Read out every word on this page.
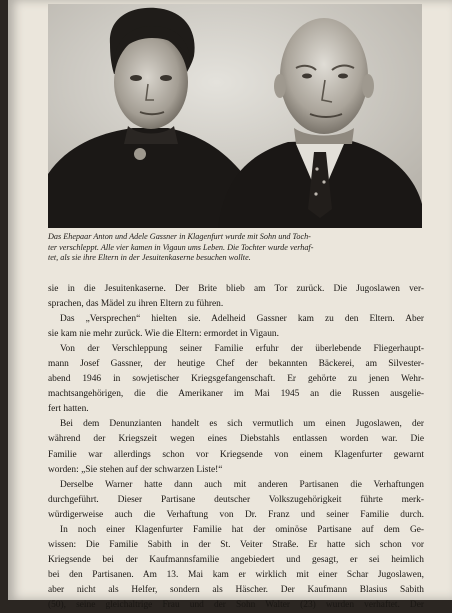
Das Ehepaar Anton und Adele Gassner in Klagenfurt wurde mit Sohn und Toch-
ter verschleppt. Alle vier kamen in Vigaun ums Leben. Die Tochter wurde verhaf-
tet, als sie ihre Eltern in der Jesuitenkaserne besuchen wollte.
sie in die Jesuitenkaserne. Der Brite blieb am Tor zurück. Die Jugoslawen ver-
sprachen, das Mädel zu ihren Eltern zu führen.
Das „Versprechen“ hielten sie. Adelheid Gassner kam zu den Eltern. Aber
sie kam nie mehr zurück. Wie die Eltern: ermordet in Vigaun.
Von der Verschleppung seiner Familie erfuhr der überlebende Fliegerhaupt-
mann Josef Gassner, der heutige Chef der bekannten Bäckerei, am Silvester-
abend 1946 in sowjetischer Kriegsgefangenschaft. Er gehörte zu jenen Wehr-
machtsangehörigen, die die Amerikaner im Mai 1945 an die Russen ausgelie-
fert hatten.
Bei dem Denunzianten handelt es sich vermutlich um einen Jugoslawen, der
während der Kriegszeit wegen eines Diebstahls entlassen worden war. Die
Familie war allerdings schon vor Kriegsende von einem Klagenfurter gewarnt
worden: „Sie stehen auf der schwarzen Liste!“
Derselbe Warner hatte dann auch mit anderen Partisanen die Verhaftungen
durchgeführt. Dieser Partisane deutscher Volkszugehörigkeit führte merk-
würdigerweise auch die Verhaftung von Dr. Franz und seiner Familie durch.
In noch einer Klagenfurter Familie hat der ominöse Partisane auf dem Ge-
wissen: Die Familie Sabith in der St. Veiter Straße. Er hatte sich schon vor
Kriegsende bei der Kaufmannsfamilie angebiedert und gesagt, er sei heimlich
bei den Partisanen. Am 13. Mai kam er wirklich mit einer Schar Jugoslawen,
aber nicht als Helfer, sondern als Häscher. Der Kaufmann Blasius Sabith
(50), seine gleichaltrige Frau und der Sohn Walter (23) wurden verhaftet. Der
